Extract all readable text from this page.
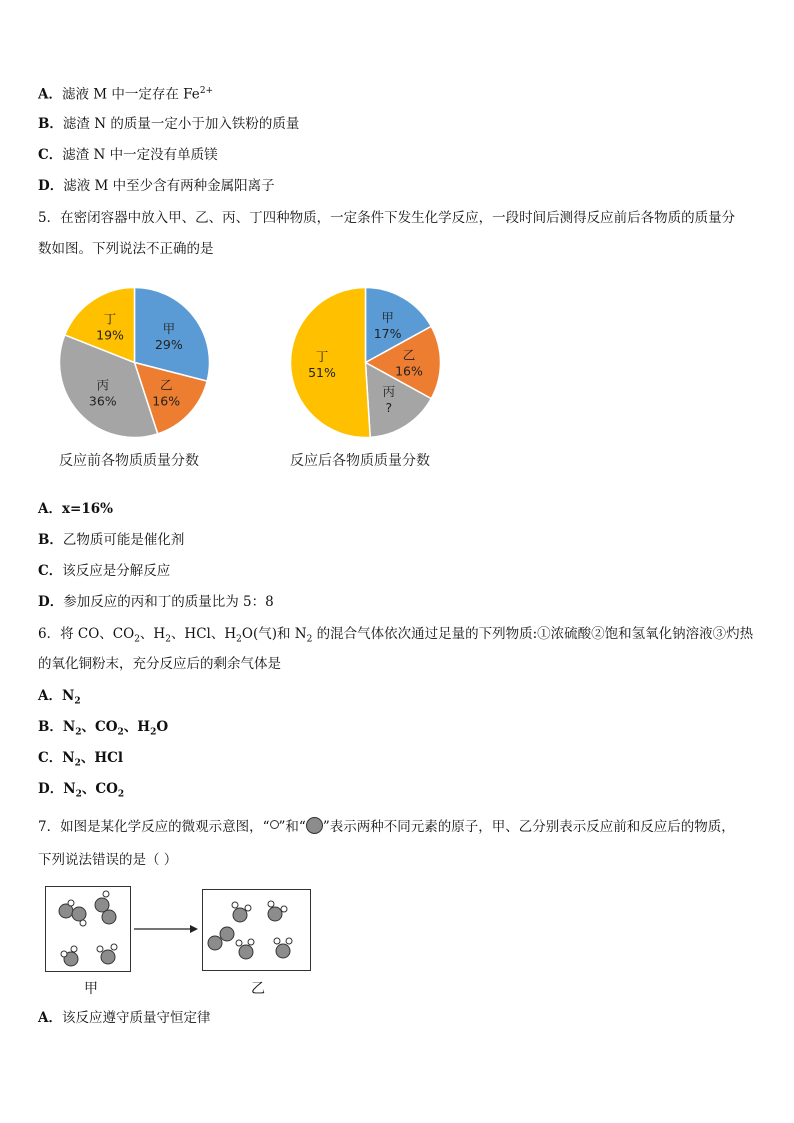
A．滤液 M 中一定存在 $Fe^{2+}$
B．滤渣 N 的质量一定小于加入铁粉的质量
C．滤渣 N 中一定没有单质镁
D．滤液 M 中至少含有两种金属阳离子
5．在密闭容器中放入甲、乙、丙、丁四种物质，一定条件下发生化学反应，一段时间后测得反应前后各物质的质量分
数如图。下列说法不正确的是
甲
29%
乙
16%
丙
36%
丁
19%
甲
17%
乙
16%
丙
?
丁
51%
反应前各物质质量分数	反应后各物质质量分数
A．x=16%
B．乙物质可能是催化剂
C．该反应是分解反应
D．参加反应的丙和丁的质量比为 5：8
6．将 CO、$CO_2$、$H_2$、HCl、$H_2O$(气)和 $N_2$ 的混合气体依次通过足量的下列物质:①浓硫酸②饱和氢氧化钠溶液③灼热
的氧化铜粉末，充分反应后的剩余气体是
A．$N_2$
B．$N_2$、$CO_2$、$H_2O$
C．$N_2$、HCl
D．$N_2$、$CO_2$
7．如图是某化学反应的微观示意图，“ ”和“ ”表示两种不同元素的原子，甲、乙分别表示反应前和反应后的物质，
下列说法错误的是（ ）
甲	乙
A．该反应遵守质量守恒定律
